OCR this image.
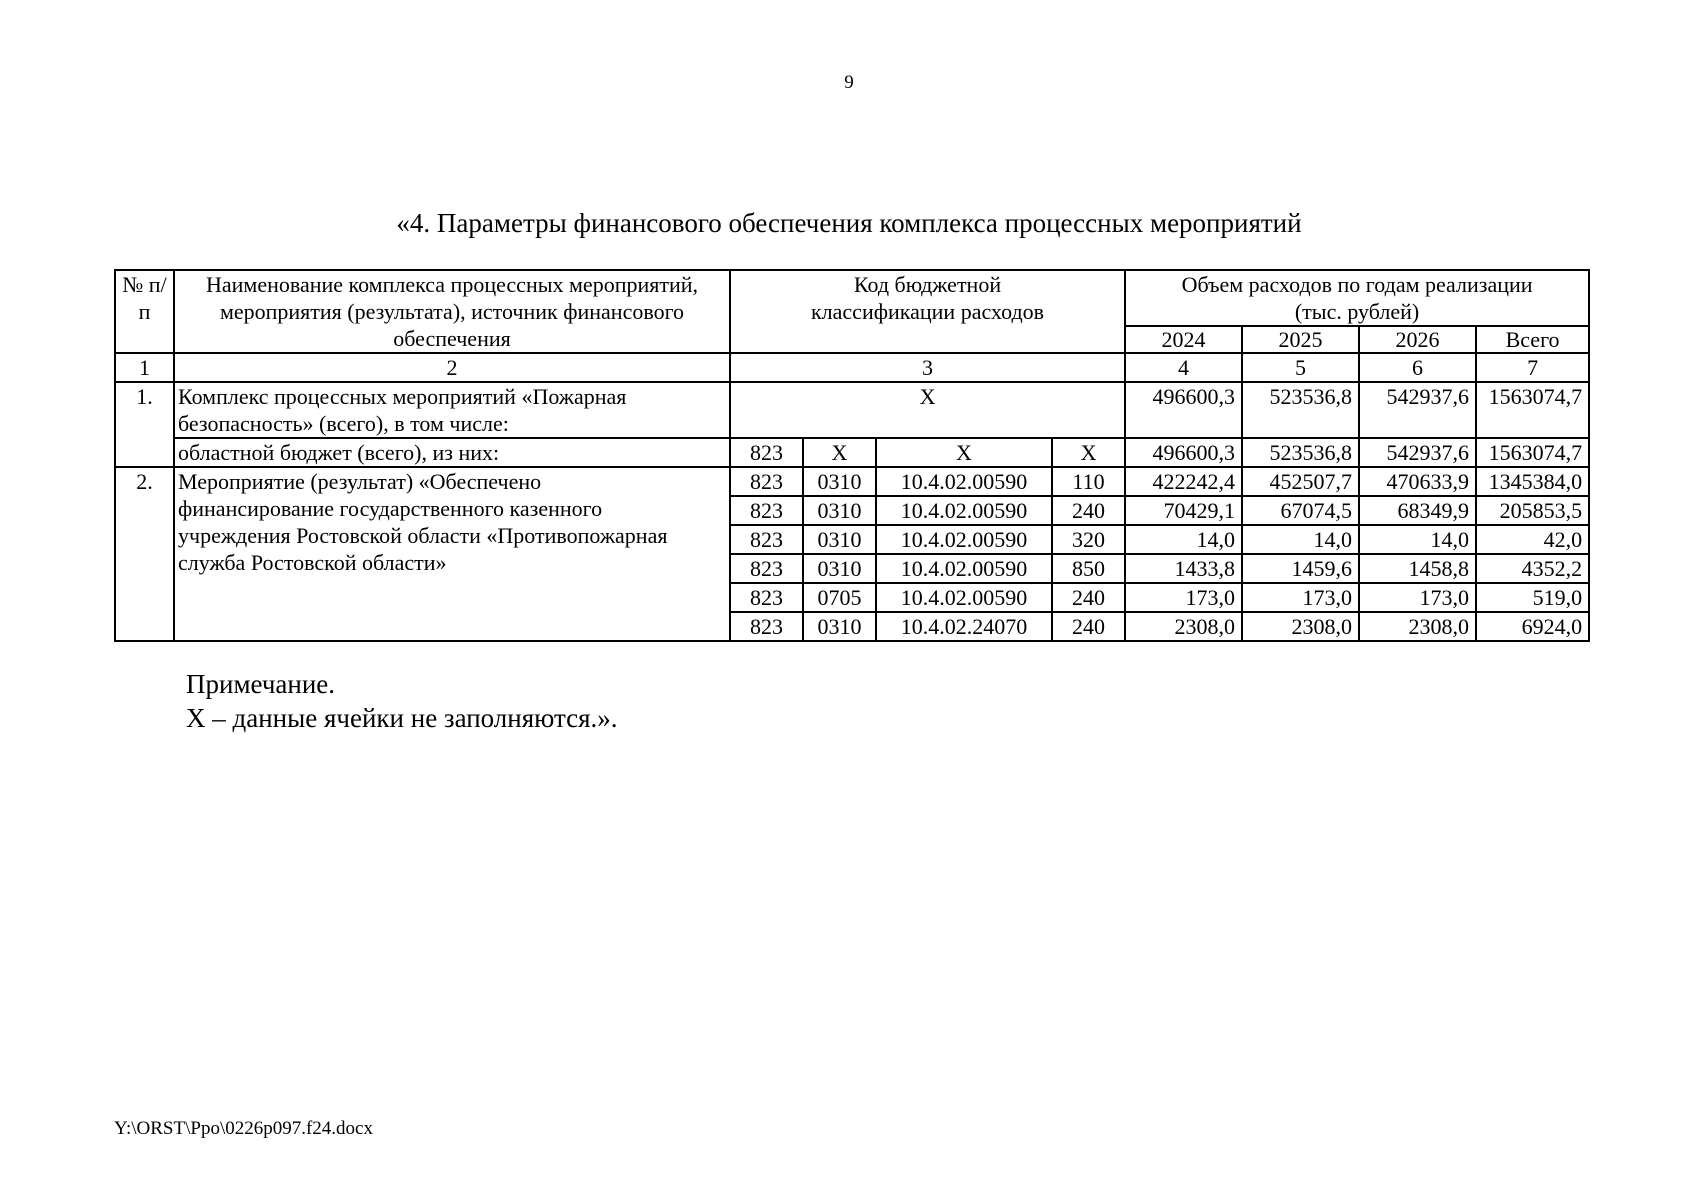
9
«4. Параметры финансового обеспечения комплекса процессных мероприятий
№ п/п	Наименование комплекса процессных мероприятий, мероприятия (результата), источник финансового обеспечения	Код бюджетной классификации расходов				Объем расходов по годам реализации (тыс. рублей)			
						2024	2025	2026	Всего
1	2	3				4	5	6	7
1.	Комплекс процессных мероприятий «Пожарная безопасность» (всего), в том числе:	X				496600,3	523536,8	542937,6	1563074,7
	областной бюджет (всего), из них:	823	X	X	X	496600,3	523536,8	542937,6	1563074,7
2.	Мероприятие (результат) «Обеспечено финансирование государственного казенного учреждения Ростовской области «Противопожарная служба Ростовской области»	823	0310	10.4.02.00590	110	422242,4	452507,7	470633,9	1345384,0
		823	0310	10.4.02.00590	240	70429,1	67074,5	68349,9	205853,5
		823	0310	10.4.02.00590	320	14,0	14,0	14,0	42,0
		823	0310	10.4.02.00590	850	1433,8	1459,6	1458,8	4352,2
		823	0705	10.4.02.00590	240	173,0	173,0	173,0	519,0
		823	0310	10.4.02.24070	240	2308,0	2308,0	2308,0	6924,0
Примечание.
X – данные ячейки не заполняются.».
Y:\ORST\Ppo\0226p097.f24.docx
